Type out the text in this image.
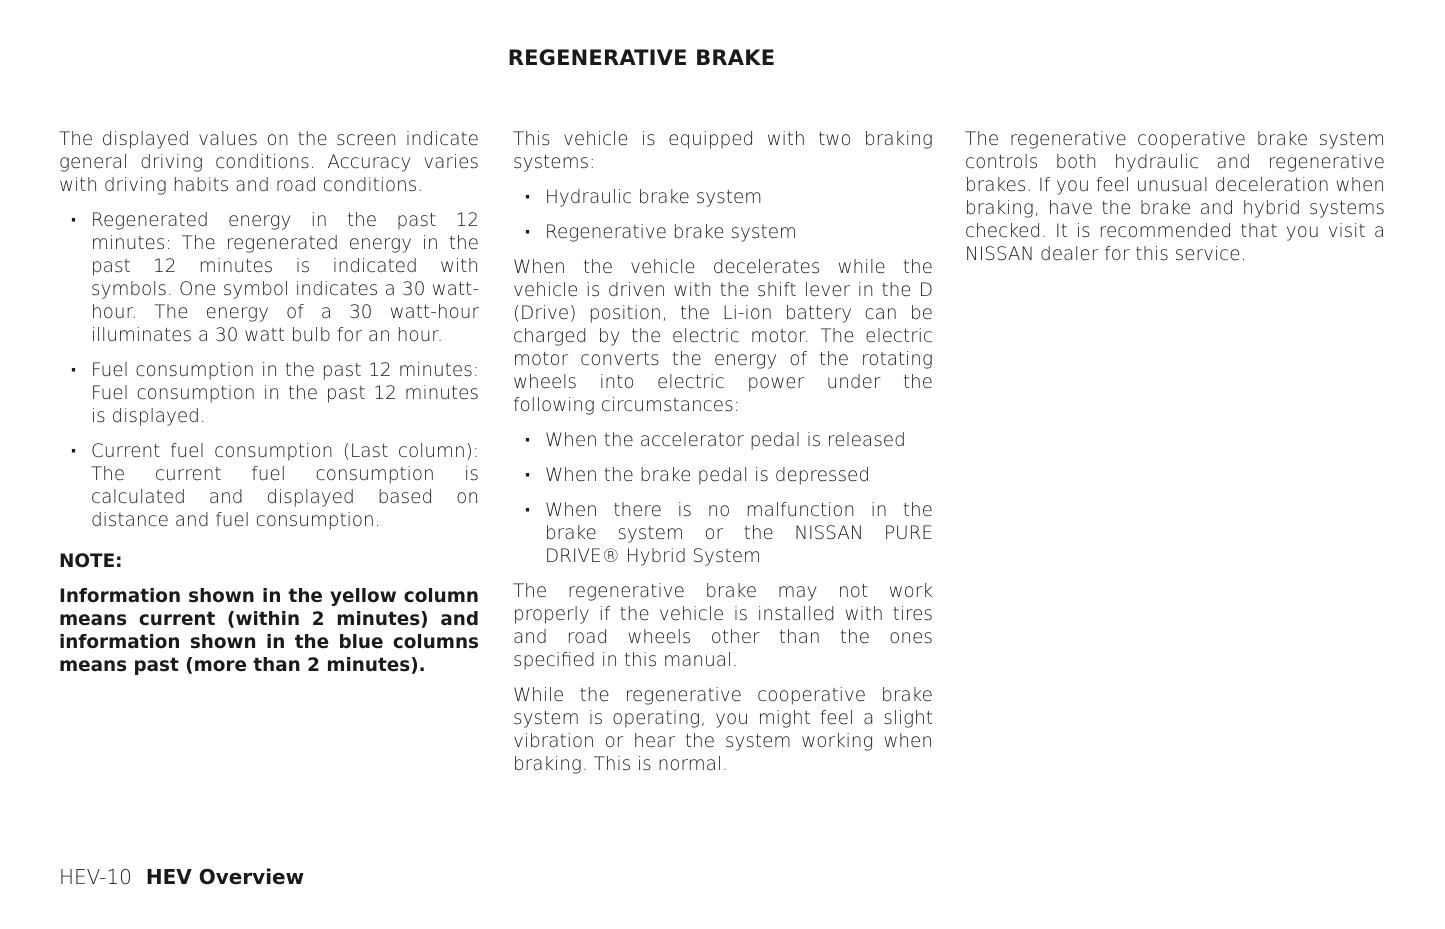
REGENERATIVE BRAKE

The displayed values on the screen indicate general driving conditions. Accuracy varies with driving habits and road conditions.

· Regenerated energy in the past 12 minutes: The regenerated energy in the past 12 minutes is indicated with symbols. One symbol indicates a 30 watt-hour. The energy of a 30 watt-hour illuminates a 30 watt bulb for an hour.
· Fuel consumption in the past 12 minutes: Fuel consumption in the past 12 minutes is displayed.
· Current fuel consumption (Last column): The current fuel consumption is calculated and displayed based on distance and fuel consumption.
NOTE:

Information shown in the yellow column means current (within 2 minutes) and information shown in the blue columns means past (more than 2 minutes).

This vehicle is equipped with two braking systems:

· Hydraulic brake system
· Regenerative brake system

When the vehicle decelerates while the vehicle is driven with the shift lever in the D (Drive) position, the Li-ion battery can be charged by the electric motor. The electric motor converts the energy of the rotating wheels into electric power under the following circumstances:

· When the accelerator pedal is released
· When the brake pedal is depressed
· When there is no malfunction in the brake system or the NISSAN PURE DRIVE® Hybrid System

The regenerative brake may not work properly if the vehicle is installed with tires and road wheels other than the ones specified in this manual.

While the regenerative cooperative brake system is operating, you might feel a slight vibration or hear the system working when braking. This is normal.

The regenerative cooperative brake system controls both hydraulic and regenerative brakes. If you feel unusual deceleration when braking, have the brake and hybrid systems checked. It is recommended that you visit a NISSAN dealer for this service.

HEV-10 HEV Overview
